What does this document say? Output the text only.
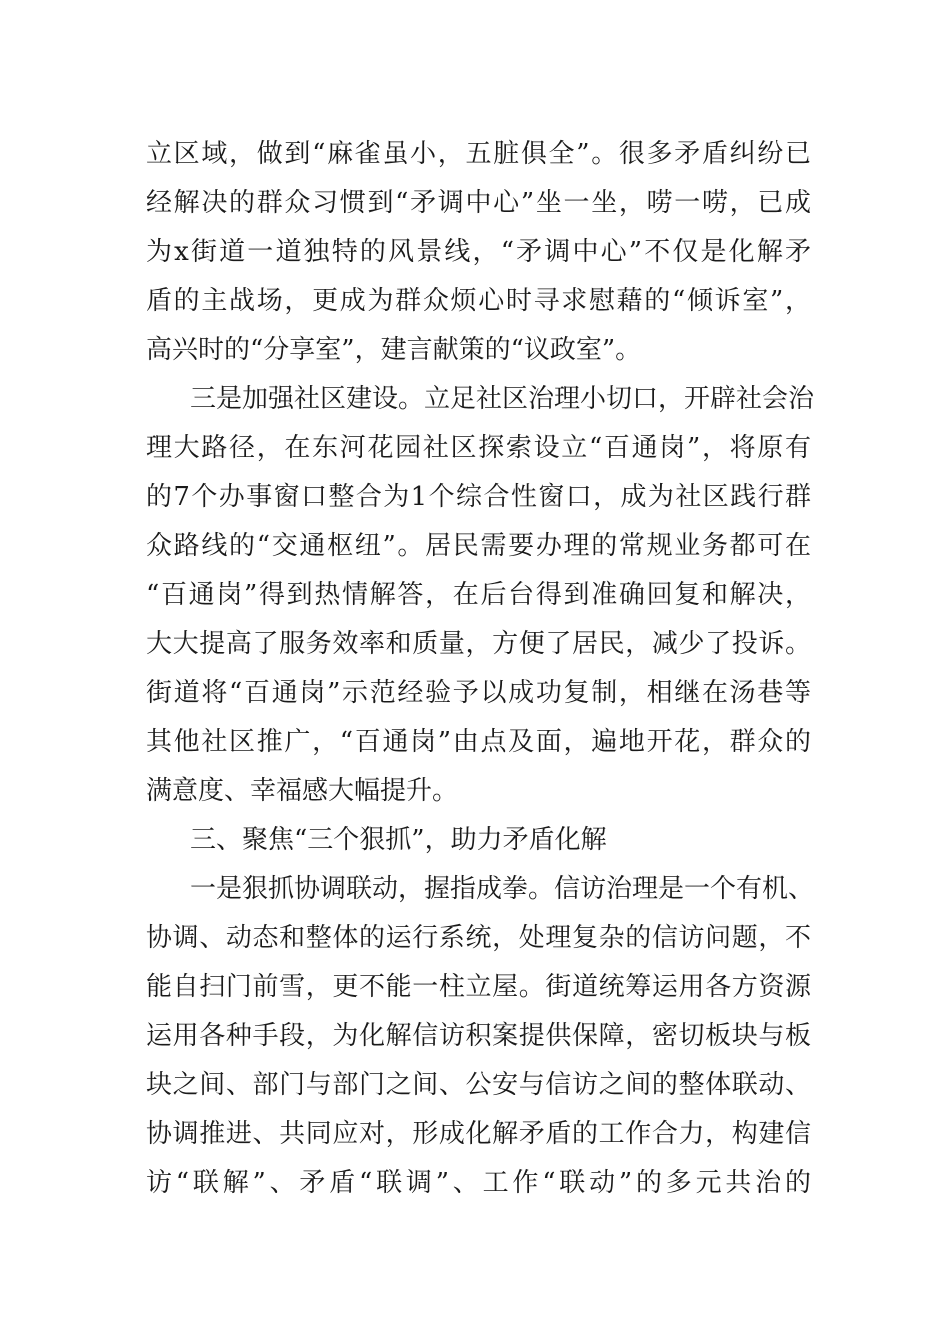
立区域，做到“麻雀虽小，五脏俱全”。很多矛盾纠纷已
经解决的群众习惯到“矛调中心”坐一坐，唠一唠，已成
为x街道一道独特的风景线，“矛调中心”不仅是化解矛
盾的主战场，更成为群众烦心时寻求慰藉的“倾诉室”，
高兴时的“分享室”，建言献策的“议政室”。
三是加强社区建设。立足社区治理小切口，开辟社会治
理大路径，在东河花园社区探索设立“百通岗”，将原有
的7个办事窗口整合为1个综合性窗口，成为社区践行群
众路线的“交通枢纽”。居民需要办理的常规业务都可在
“百通岗”得到热情解答，在后台得到准确回复和解决，
大大提高了服务效率和质量，方便了居民，减少了投诉。
街道将“百通岗”示范经验予以成功复制，相继在汤巷等
其他社区推广，“百通岗”由点及面，遍地开花，群众的
满意度、幸福感大幅提升。
三、聚焦“三个狠抓”，助力矛盾化解
一是狠抓协调联动，握指成拳。信访治理是一个有机、
协调、动态和整体的运行系统，处理复杂的信访问题，不
能自扫门前雪，更不能一柱立屋。街道统筹运用各方资源
运用各种手段，为化解信访积案提供保障，密切板块与板
块之间、部门与部门之间、公安与信访之间的整体联动、
协调推进、共同应对，形成化解矛盾的工作合力，构建信
访“联解”、矛盾“联调”、工作“联动”的多元共治的
